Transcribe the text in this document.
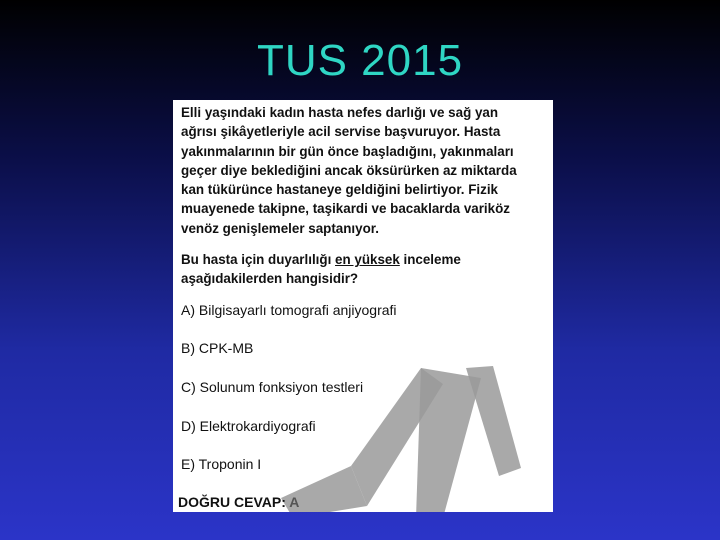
TUS 2015
Elli yaşındaki kadın hasta nefes darlığı ve sağ yan
ağrısı şikâyetleriyle acil servise başvuruyor. Hasta
yakınmalarının bir gün önce başladığını, yakınmaları
geçer diye beklediğini ancak öksürürken az miktarda
kan tükürünce hastaneye geldiğini belirtiyor. Fizik
muayenede takipne, taşikardi ve bacaklarda variköz
venöz genişlemeler saptanıyor.
Bu hasta için duyarlılığı en yüksek inceleme
aşağıdakilerden hangisidir?
A) Bilgisayarlı tomografi anjiyografi
B) CPK-MB
C) Solunum fonksiyon testleri
D) Elektrokardiyografi
E) Troponin I
DOĞRU CEVAP: A
